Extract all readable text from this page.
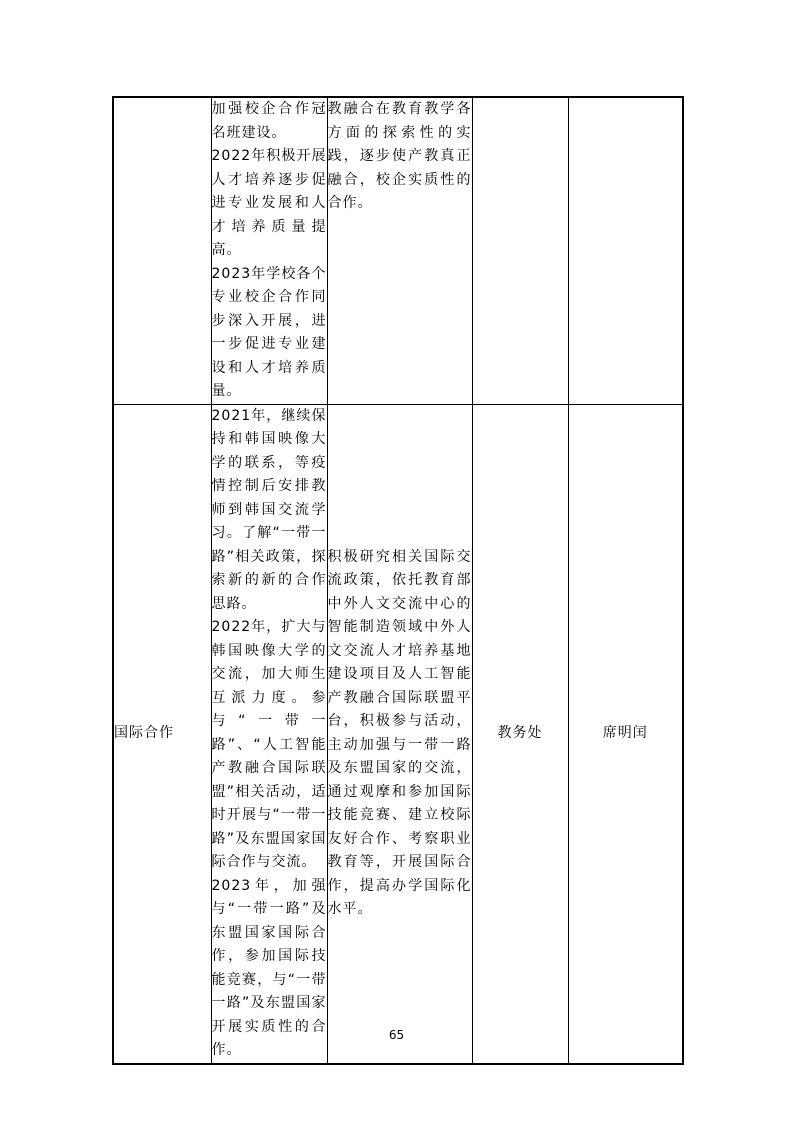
	加强校企合作冠名班建设。
2022年积极开展人才培养逐步促进专业发展和人才培养质量提高。
2023年学校各个专业校企合作同步深入开展，进一步促进专业建设和人才培养质量。	教融合在教育教学各方面的探索性的实践，逐步使产教真正融合，校企实质性的合作。		

国际合作	2021年，继续保持和韩国映像大学的联系，等疫情控制后安排教师到韩国交流学习。了解“一带一路”相关政策，探索新的新的合作思路。
2022年，扩大与韩国映像大学的交流，加大师生互派力度。参与“一带一路”、“人工智能产教融合国际联盟”相关活动，适时开展与“一带一路”及东盟国家国际合作与交流。
2023年，加强与“一带一路”及东盟国家国际合作，参加国际技能竞赛，与“一带一路”及东盟国家开展实质性的合作。	积极研究相关国际交流政策，依托教育部中外人文交流中心的智能制造领域中外人文交流人才培养基地建设项目及人工智能产教融合国际联盟平台，积极参与活动，主动加强与一带一路及东盟国家的交流，通过观摩和参加国际技能竞赛、建立校际友好合作、考察职业教育等，开展国际合作，提高办学国际化水平。	教务处	席明闰
65
